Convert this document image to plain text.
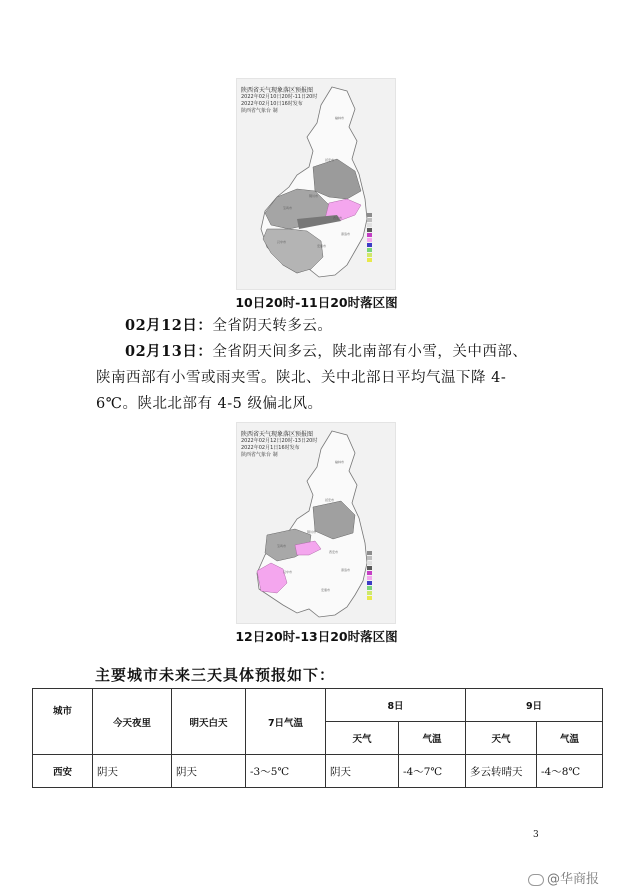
陕西省天气现象落区预报图
2022年02月10日20时-11日20时
2022年02月10日16时发布
陕西省气象台 制
榆林市
延安市
铜川市
宝鸡市
西安市
汉中市
安康市
商洛市
10日20时-11日20时落区图
02月12日：全省阴天转多云。
02月13日：全省阴天间多云，陕北南部有小雪，关中西部、
陕南西部有小雪或雨夹雪。陕北、关中北部日平均气温下降 4-
6℃。陕北北部有 4-5 级偏北风。
陕西省天气现象落区预报图
2022年02月12日20时-13日20时
2022年02月1日16时发布
陕西省气象台 制
榆林市
延安市
铜川市
宝鸡市
西安市
汉中市
安康市
商洛市
12日20时-13日20时落区图
主要城市未来三天具体预报如下：
城市	今天夜里	明天白天	7日气温	8日		9日	
				天气	气温	天气	气温
西安	阴天	阴天	-3～5℃	阴天	-4～7℃	多云转晴天	-4～8℃
3
@华商报
